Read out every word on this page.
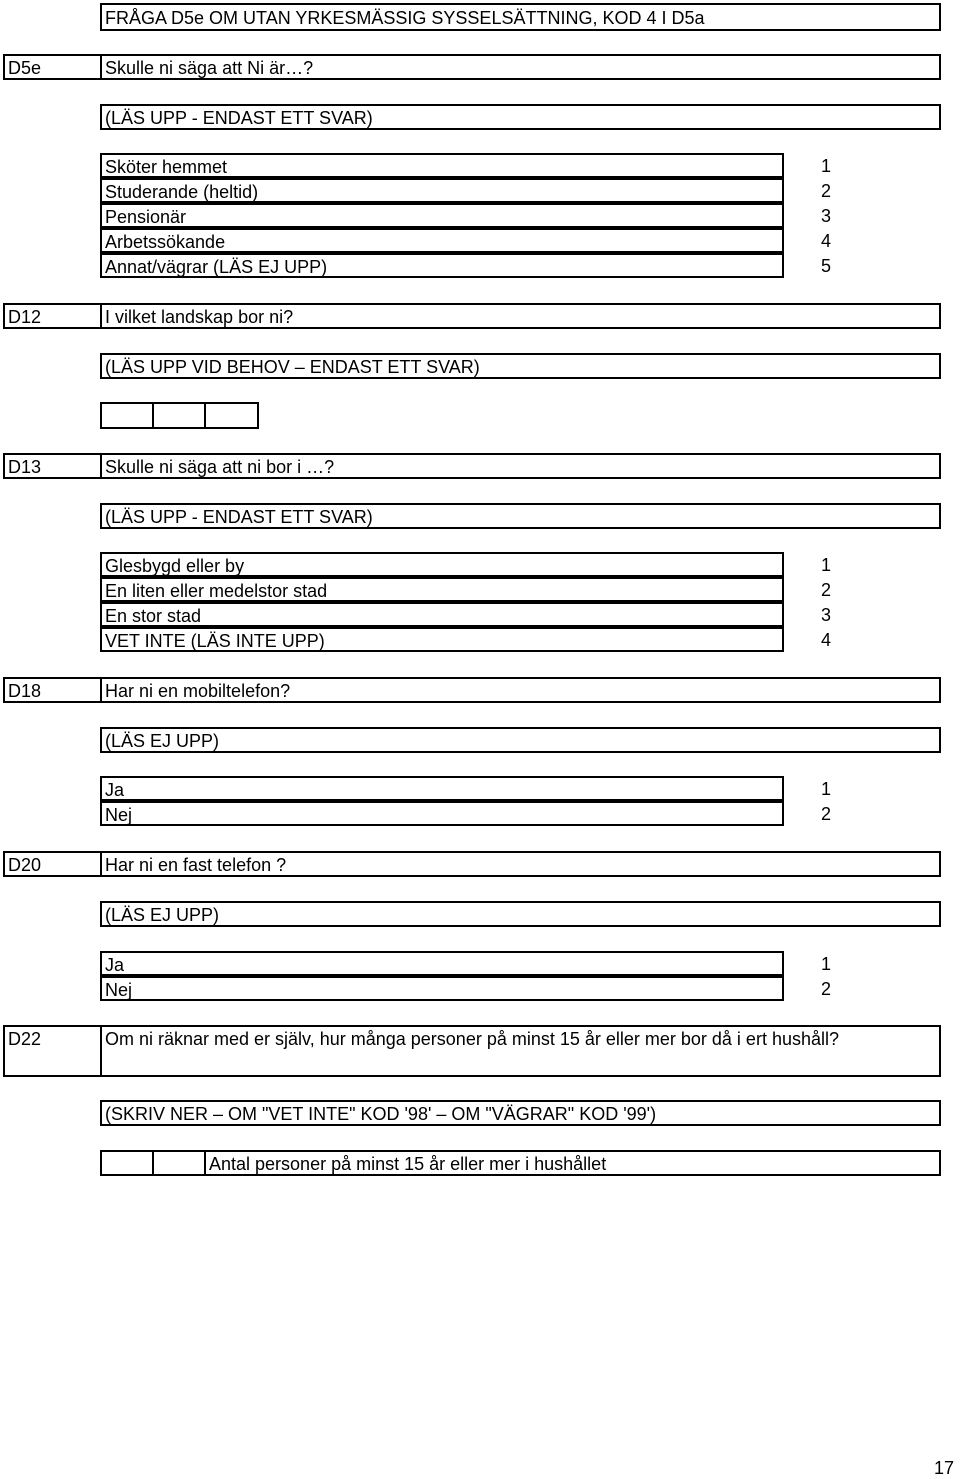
FRÅGA D5e OM UTAN YRKESMÄSSIG SYSSELSÄTTNING, KOD 4 I D5a
D5e	Skulle ni säga att Ni är…?
(LÄS UPP - ENDAST ETT SVAR)
Sköter hemmet	1
Studerande (heltid)	2
Pensionär	3
Arbetssökande	4
Annat/vägrar (LÄS EJ UPP)	5
D12	I vilket landskap bor ni?
(LÄS UPP VID BEHOV – ENDAST ETT SVAR)
D13	Skulle ni säga att ni bor i …?
(LÄS UPP - ENDAST ETT SVAR)
Glesbygd eller by	1
En liten eller medelstor stad	2
En stor stad	3
VET INTE (LÄS INTE UPP)	4
D18	Har ni en mobiltelefon?
(LÄS EJ UPP)
Ja	1
Nej	2
D20	Har ni en fast telefon ?
(LÄS EJ UPP)
Ja	1
Nej	2
D22	Om ni räknar med er själv, hur många personer på minst 15 år eller mer bor då i ert hushåll?
(SKRIV NER – OM "VET INTE" KOD '98' – OM "VÄGRAR" KOD '99')
Antal personer på minst 15 år eller mer i hushållet
17
